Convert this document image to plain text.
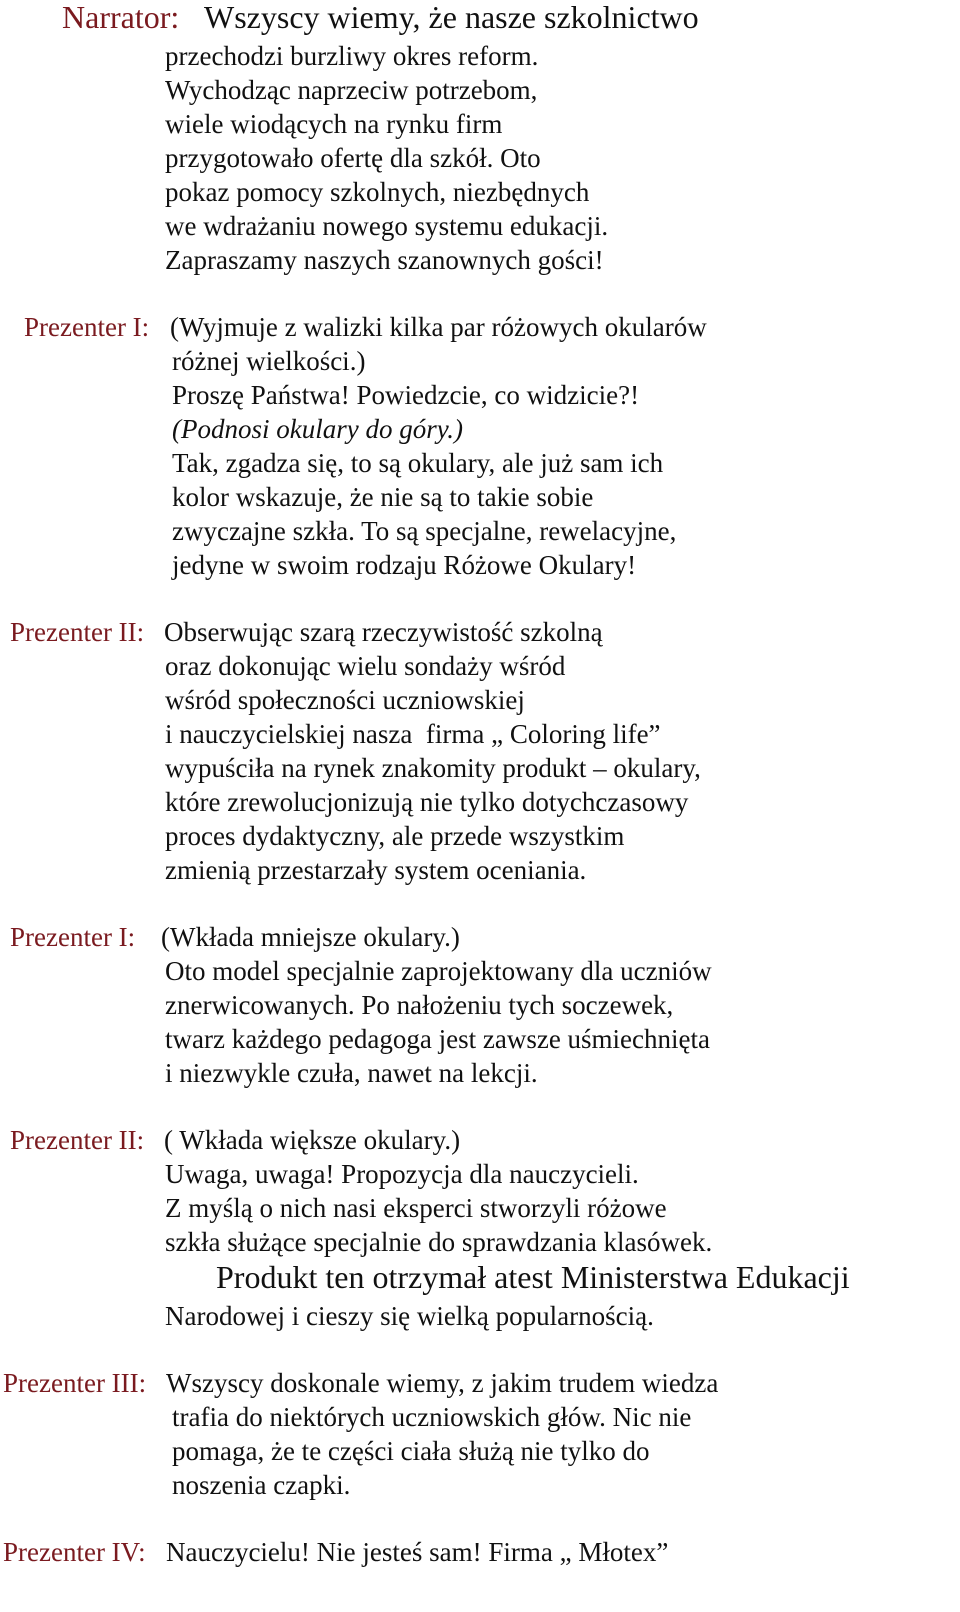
Narrator: Wszyscy wiemy, że nasze szkolnictwo
przechodzi burzliwy okres reform.
Wychodząc naprzeciw potrzebom,
wiele wiodących na rynku firm
przygotowało ofertę dla szkół. Oto
pokaz pomocy szkolnych, niezbędnych
we wdrażaniu nowego systemu edukacji.
Zapraszamy naszych szanownych gości!
Prezenter I: (Wyjmuje z walizki kilka par różowych okularów
różnej wielkości.)
Proszę Państwa! Powiedzcie, co widzicie?!
(Podnosi okulary do góry.)
Tak, zgadza się, to są okulary, ale już sam ich
kolor wskazuje, że nie są to takie sobie
zwyczajne szkła. To są specjalne, rewelacyjne,
jedyne w swoim rodzaju Różowe Okulary!
Prezenter II: Obserwując szarą rzeczywistość szkolną
oraz dokonując wielu sondaży wśród
wśród społeczności uczniowskiej
i nauczycielskiej nasza  firma „ Coloring life”
wypuściła na rynek znakomity produkt – okulary,
które zrewolucjonizują nie tylko dotychczasowy
proces dydaktyczny, ale przede wszystkim
zmienią przestarzały system oceniania.
Prezenter I: (Wkłada mniejsze okulary.)
Oto model specjalnie zaprojektowany dla uczniów
znerwicowanych. Po nałożeniu tych soczewek,
twarz każdego pedagoga jest zawsze uśmiechnięta
i niezwykle czuła, nawet na lekcji.
Prezenter II: ( Wkłada większe okulary.)
Uwaga, uwaga! Propozycja dla nauczycieli.
Z myślą o nich nasi eksperci stworzyli różowe
szkła służące specjalnie do sprawdzania klasówek.
Produkt ten otrzymał atest Ministerstwa Edukacji
Narodowej i cieszy się wielką popularnością.
Prezenter III: Wszyscy doskonale wiemy, z jakim trudem wiedza
trafia do niektórych uczniowskich głów. Nic nie
pomaga, że te części ciała służą nie tylko do
noszenia czapki.
Prezenter IV: Nauczycielu! Nie jesteś sam! Firma „ Młotex”
